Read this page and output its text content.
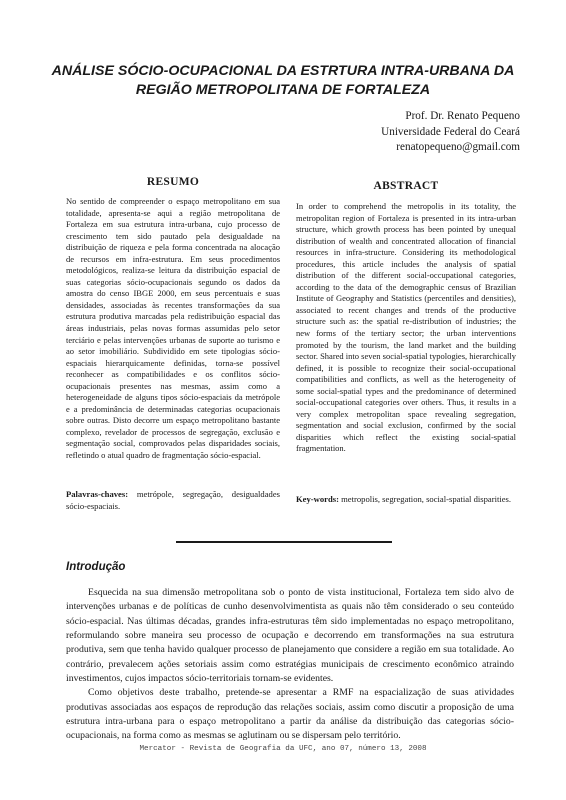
ANÁLISE SÓCIO-OCUPACIONAL DA ESTRTURA INTRA-URBANA DA REGIÃO METROPOLITANA DE FORTALEZA
Prof. Dr. Renato Pequeno
Universidade Federal do Ceará
renatopequeno@gmail.com
RESUMO

No sentido de compreender o espaço metropolitano em sua totalidade, apresenta-se aqui a região metropolitana de Fortaleza em sua estrutura intra-urbana, cujo processo de crescimento tem sido pautado pela desigualdade na distribuição de riqueza e pela forma concentrada na alocação de recursos em infra-estrutura. Em seus procedimentos metodológicos, realiza-se leitura da distribuição espacial de suas categorias sócio-ocupacionais segundo os dados da amostra do censo IBGE 2000, em seus percentuais e suas densidades, associadas às recentes transformações da sua estrutura produtiva marcadas pela redistribuição espacial das áreas industriais, pelas novas formas assumidas pelo setor terciário e pelas intervenções urbanas de suporte ao turismo e ao setor imobiliário. Subdividido em sete tipologias sócio-espaciais hierarquicamente definidas, torna-se possível reconhecer as compatibilidades e os conflitos sócio-ocupacionais presentes nas mesmas, assim como a heterogeneidade de alguns tipos sócio-espaciais da metrópole e a predominância de determinadas categorias ocupacionais sobre outras. Disto decorre um espaço metropolitano bastante complexo, revelador de processos de segregação, exclusão e segmentação social, comprovados pelas disparidades sociais, refletindo o atual quadro de fragmentação sócio-espacial.

Palavras-chaves: metrópole, segregação, desigualdades sócio-espaciais.
ABSTRACT

In order to comprehend the metropolis in its totality, the metropolitan region of Fortaleza is presented in its intra-urban structure, which growth process has been pointed by unequal distribution of wealth and concentrated allocation of financial resources in infra-structure. Considering its methodological procedures, this article includes the analysis of spatial distribution of the different social-occupational categories, according to the data of the demographic census of Brazilian Institute of Geography and Statistics (percentiles and densities), associated to recent changes and trends of the productive structure such as: the spatial re-distribution of industries; the new forms of the tertiary sector; the urban interventions promoted by the tourism, the land market and the building sector. Shared into seven social-spatial typologies, hierarchically defined, it is possible to recognize their social-occupational compatibilities and conflicts, as well as the heterogeneity of some social-spatial types and the predominance of determined social-occupational categories over others. Thus, it results in a very complex metropolitan space revealing segregation, segmentation and social exclusion, confirmed by the social disparities which reflect the existing social-spatial fragmentation.

Key-words: metropolis, segregation, social-spatial disparities.
Introdução

Esquecida na sua dimensão metropolitana sob o ponto de vista institucional, Fortaleza tem sido alvo de intervenções urbanas e de políticas de cunho desenvolvimentista as quais não têm considerado o seu conteúdo sócio-espacial. Nas últimas décadas, grandes infra-estruturas têm sido implementadas no espaço metropolitano, reformulando sobre maneira seu processo de ocupação e decorrendo em transformações na sua estrutura produtiva, sem que tenha havido qualquer processo de planejamento que considere a região em sua totalidade. Ao contrário, prevalecem ações setoriais assim como estratégias municipais de crescimento econômico atraindo investimentos, cujos impactos sócio-territoriais tornam-se evidentes.

Como objetivos deste trabalho, pretende-se apresentar a RMF na espacialização de suas atividades produtivas associadas aos espaços de reprodução das relações sociais, assim como discutir a proposição de uma estrutura intra-urbana para o espaço metropolitano a partir da análise da distribuição das categorias sócio-ocupacionais, na forma como as mesmas se aglutinam ou se dispersam pelo território.

Mercator - Revista de Geografia da UFC, ano 07, número 13, 2008
